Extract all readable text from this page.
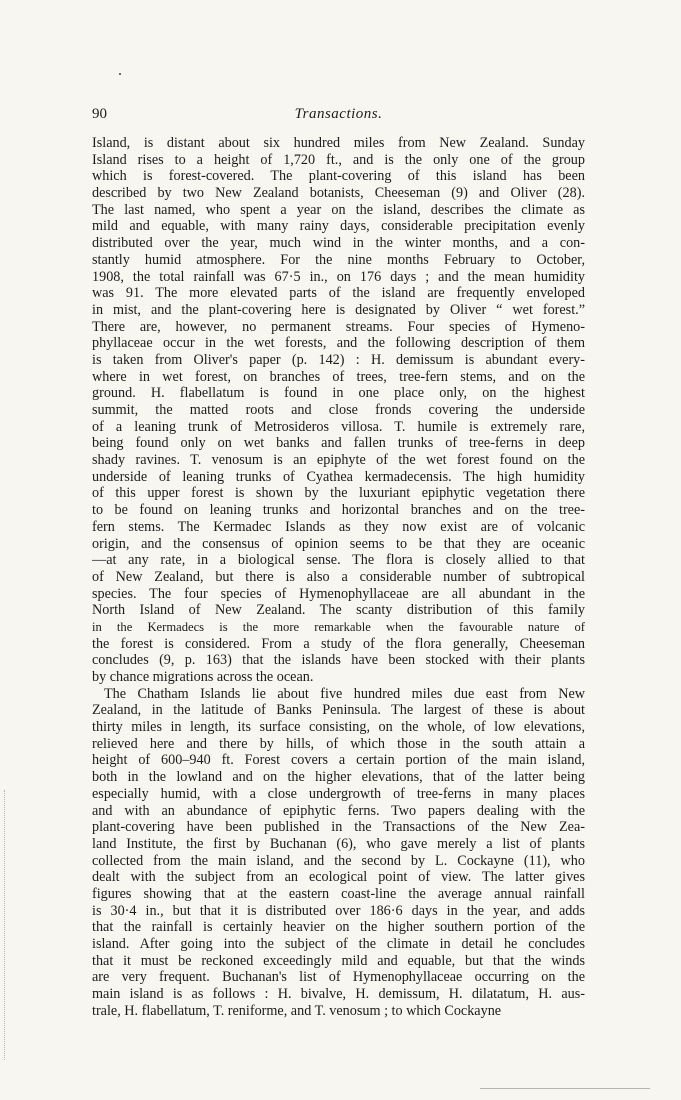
90	Transactions.
Island, is distant about six hundred miles from New Zealand. Sunday
Island rises to a height of 1,720 ft., and is the only one of the group
which is forest-covered. The plant-covering of this island has been
described by two New Zealand botanists, Cheeseman (9) and Oliver (28).
The last named, who spent a year on the island, describes the climate as
mild and equable, with many rainy days, considerable precipitation evenly
distributed over the year, much wind in the winter months, and a con-
stantly humid atmosphere. For the nine months February to October,
1908, the total rainfall was 67·5 in., on 176 days ; and the mean humidity
was 91. The more elevated parts of the island are frequently enveloped
in mist, and the plant-covering here is designated by Oliver “ wet forest.”
There are, however, no permanent streams. Four species of Hymeno-
phyllaceae occur in the wet forests, and the following description of them
is taken from Oliver's paper (p. 142) : H. demissum is abundant every-
where in wet forest, on branches of trees, tree-fern stems, and on the
ground. H. flabellatum is found in one place only, on the highest
summit, the matted roots and close fronds covering the underside
of a leaning trunk of Metrosideros villosa. T. humile is extremely rare,
being found only on wet banks and fallen trunks of tree-ferns in deep
shady ravines. T. venosum is an epiphyte of the wet forest found on the
underside of leaning trunks of Cyathea kermadecensis. The high humidity
of this upper forest is shown by the luxuriant epiphytic vegetation there
to be found on leaning trunks and horizontal branches and on the tree-
fern stems. The Kermadec Islands as they now exist are of volcanic
origin, and the consensus of opinion seems to be that they are oceanic
—at any rate, in a biological sense. The flora is closely allied to that
of New Zealand, but there is also a considerable number of subtropical
species. The four species of Hymenophyllaceae are all abundant in the
North Island of New Zealand. The scanty distribution of this family
in the Kermadecs is the more remarkable when the favourable nature of
the forest is considered. From a study of the flora generally, Cheeseman
concludes (9, p. 163) that the islands have been stocked with their plants
by chance migrations across the ocean.
The Chatham Islands lie about five hundred miles due east from New
Zealand, in the latitude of Banks Peninsula. The largest of these is about
thirty miles in length, its surface consisting, on the whole, of low elevations,
relieved here and there by hills, of which those in the south attain a
height of 600–940 ft. Forest covers a certain portion of the main island,
both in the lowland and on the higher elevations, that of the latter being
especially humid, with a close undergrowth of tree-ferns in many places
and with an abundance of epiphytic ferns. Two papers dealing with the
plant-covering have been published in the Transactions of the New Zea-
land Institute, the first by Buchanan (6), who gave merely a list of plants
collected from the main island, and the second by L. Cockayne (11), who
dealt with the subject from an ecological point of view. The latter gives
figures showing that at the eastern coast-line the average annual rainfall
is 30·4 in., but that it is distributed over 186·6 days in the year, and adds
that the rainfall is certainly heavier on the higher southern portion of the
island. After going into the subject of the climate in detail he concludes
that it must be reckoned exceedingly mild and equable, but that the winds
are very frequent. Buchanan's list of Hymenophyllaceae occurring on the
main island is as follows : H. bivalve, H. demissum, H. dilatatum, H. aus-
trale, H. flabellatum, T. reniforme, and T. venosum ; to which Cockayne
